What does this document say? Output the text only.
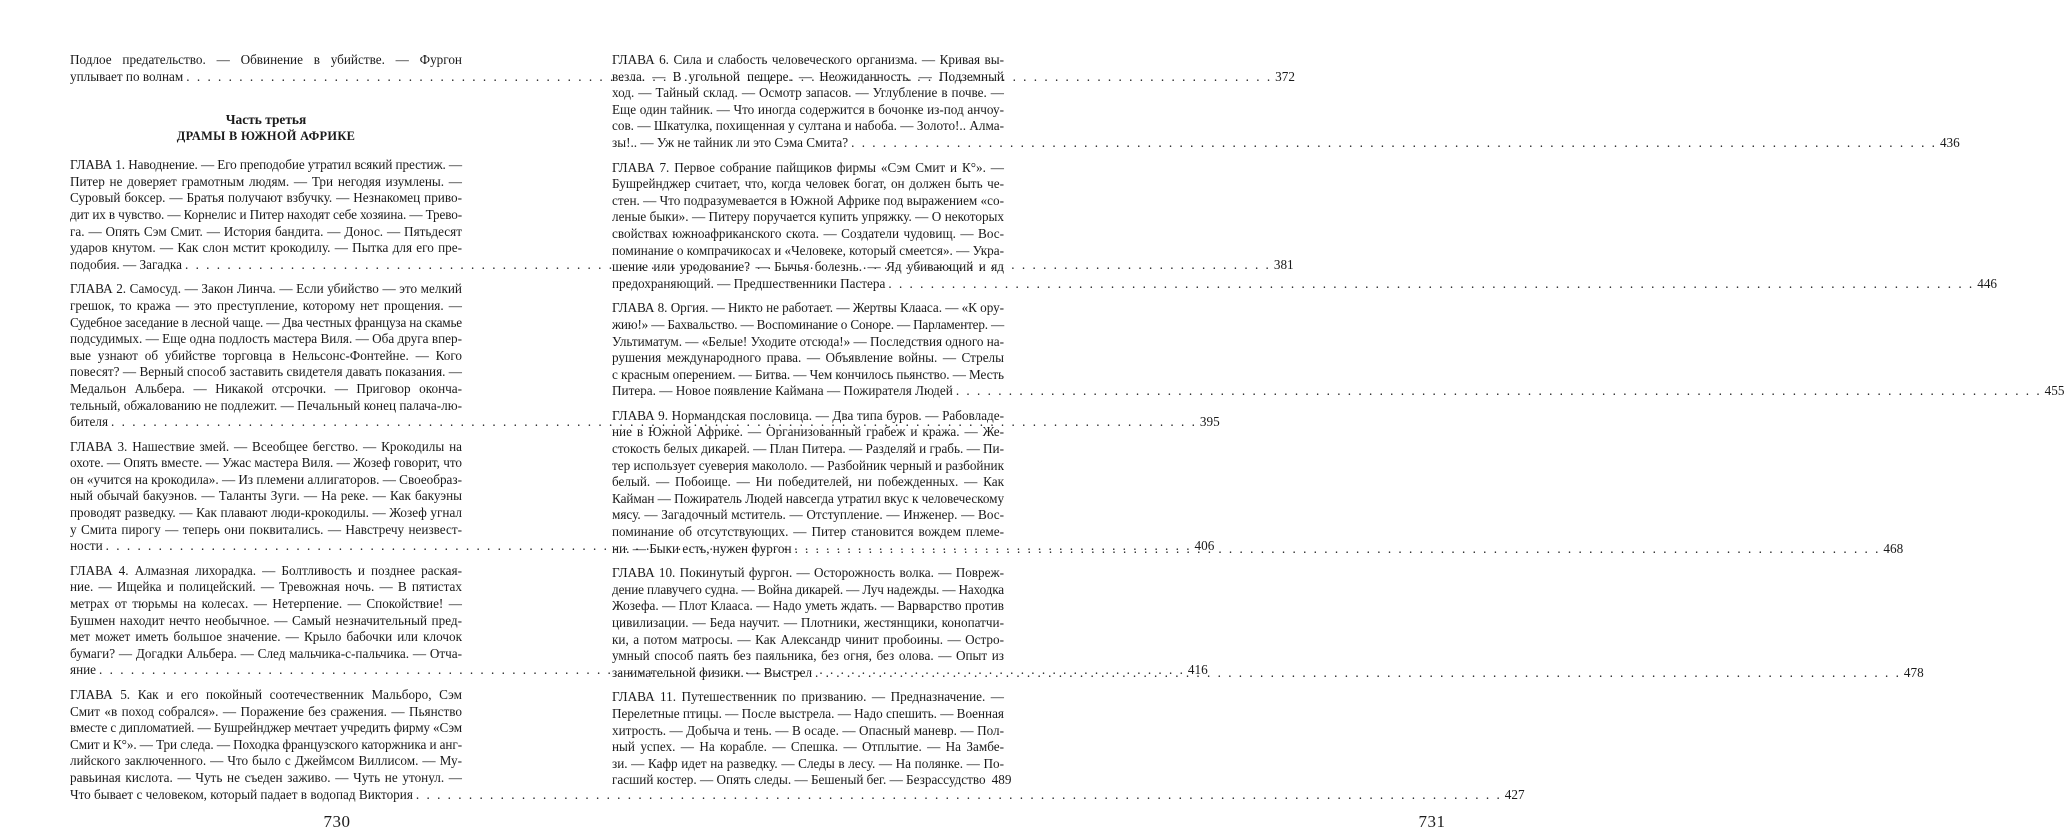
Подлое предательство. — Обвинение в убийстве. — Фургон
уплывает по волнам . . .	372
Часть третья
ДРАМЫ В ЮЖНОЙ АФРИКЕ
ГЛАВА 1. Наводнение. — Его преподобие утратил всякий престиж. —
Питер не доверяет грамотным людям. — Три негодяя изумлены. —
Суровый боксер. — Братья получают взбучку. — Незнакомец приво-
дит их в чувство. — Корнелис и Питер находят себе хозяина. — Трево-
га. — Опять Сэм Смит. — История бандита. — Донос. — Пятьдесят
ударов кнутом. — Как слон мстит крокодилу. — Пытка для его пре-
подобия. — Загадка . . .	381
ГЛАВА 2. Самосуд. — Закон Линча. — Если убийство — это мелкий
грешок, то кража — это преступление, которому нет прощения. —
Судебное заседание в лесной чаще. — Два честных француза на скамье
подсудимых. — Еще одна подлость мастера Виля. — Оба друга впер-
вые узнают об убийстве торговца в Нельсонс-Фонтейне. — Кого
повесят? — Верный способ заставить свидетеля давать показания. —
Медальон Альбера. — Никакой отсрочки. — Приговор оконча-
тельный, обжалованию не подлежит. — Печальный конец палача-лю-
бителя . . .	395
ГЛАВА 3. Нашествие змей. — Всеобщее бегство. — Крокодилы на
охоте. — Опять вместе. — Ужас мастера Виля. — Жозеф говорит, что
он «учится на крокодила». — Из племени аллигаторов. — Своеобраз-
ный обычай бакуэнов. — Таланты Зуги. — На реке. — Как бакуэны
проводят разведку. — Как плавают люди-крокодилы. — Жозеф угнал
у Смита пирогу — теперь они поквитались. — Навстречу неизвест-
ности . . .	406
ГЛАВА 4. Алмазная лихорадка. — Болтливость и позднее раская-
ние. — Ищейка и полицейский. — Тревожная ночь. — В пятистах
метрах от тюрьмы на колесах. — Нетерпение. — Спокойствие! —
Бушмен находит нечто необычное. — Самый незначительный пред-
мет может иметь большое значение. — Крыло бабочки или клочок
бумаги? — Догадки Альбера. — След мальчика-с-пальчика. — Отча-
яние . . .	416
ГЛАВА 5. Как и его покойный соотечественник Мальборо, Сэм
Смит «в поход собрался». — Поражение без сражения. — Пьянство
вместе с дипломатией. — Бушрейнджер мечтает учредить фирму «Сэм
Смит и К°». — Три следа. — Походка французского каторжника и анг-
лийского заключенного. — Что было с Джеймсом Виллисом. — Му-
равьиная кислота. — Чуть не съеден заживо. — Чуть не утонул. —
Что бывает с человеком, который падает в водопад Виктория . . .	427
730
ГЛАВА 6. Сила и слабость человеческого организма. — Кривая вы-
везла. — В угольной пещере. — Неожиданность. — Подземный
ход. — Тайный склад. — Осмотр запасов. — Углубление в почве. —
Еще один тайник. — Что иногда содержится в бочонке из-под анчоу-
сов. — Шкатулка, похищенная у султана и набоба. — Золото!.. Алма-
зы!.. — Уж не тайник ли это Сэма Смита? . . .	436
ГЛАВА 7. Первое собрание пайщиков фирмы «Сэм Смит и К°». —
Бушрейнджер считает, что, когда человек богат, он должен быть че-
стен. — Что подразумевается в Южной Африке под выражением «со-
леные быки». — Питеру поручается купить упряжку. — О некоторых
свойствах южноафриканского скота. — Создатели чудовищ. — Вос-
поминание о компрачикосах и «Человеке, который смеется». — Укра-
шение или уродование? — Бычья болезнь. — Яд убивающий и яд
предохраняющий. — Предшественники Пастера . . .	446
ГЛАВА 8. Оргия. — Никто не работает. — Жертвы Клааса. — «К ору-
жию!» — Бахвальство. — Воспоминание о Соноре. — Парламентер. —
Ультиматум. — «Белые! Уходите отсюда!» — Последствия одного на-
рушения международного права. — Объявление войны. — Стрелы
с красным оперением. — Битва. — Чем кончилось пьянство. — Месть
Питера. — Новое появление Каймана — Пожирателя Людей . . .	455
ГЛАВА 9. Нормандская пословица. — Два типа буров. — Рабовладе-
ние в Южной Африке. — Организованный грабеж и кража. — Же-
стокость белых дикарей. — План Питера. — Разделяй и грабь. — Пи-
тер использует суеверия макололо. — Разбойник черный и разбойник
белый. — Побоище. — Ни победителей, ни побежденных. — Как
Кайман — Пожиратель Людей навсегда утратил вкус к человеческому
мясу. — Загадочный мститель. — Отступление. — Инженер. — Вос-
поминание об отсутствующих. — Питер становится вождем племе-
ни. — Быки есть, нужен фургон . . .	468
ГЛАВА 10. Покинутый фургон. — Осторожность волка. — Повреж-
дение плавучего судна. — Война дикарей. — Луч надежды. — Находка
Жозефа. — Плот Клааса. — Надо уметь ждать. — Варварство против
цивилизации. — Беда научит. — Плотники, жестянщики, конопатчи-
ки, а потом матросы. — Как Александр чинит пробоины. — Остро-
умный способ паять без паяльника, без огня, без олова. — Опыт из
занимательной физики. — Выстрел . . .	478
ГЛАВА 11. Путешественник по призванию. — Предназначение. —
Перелетные птицы. — После выстрела. — Надо спешить. — Военная
хитрость. — Добыча и тень. — В осаде. — Опасный маневр. — Пол-
ный успех. — На корабле. — Спешка. — Отплытие. — На Замбе-
зи. — Кафр идет на разведку. — Следы в лесу. — На полянке. — По-
гасший костер. — Опять следы. — Бешеный бег. — Безрассудство 489
731
